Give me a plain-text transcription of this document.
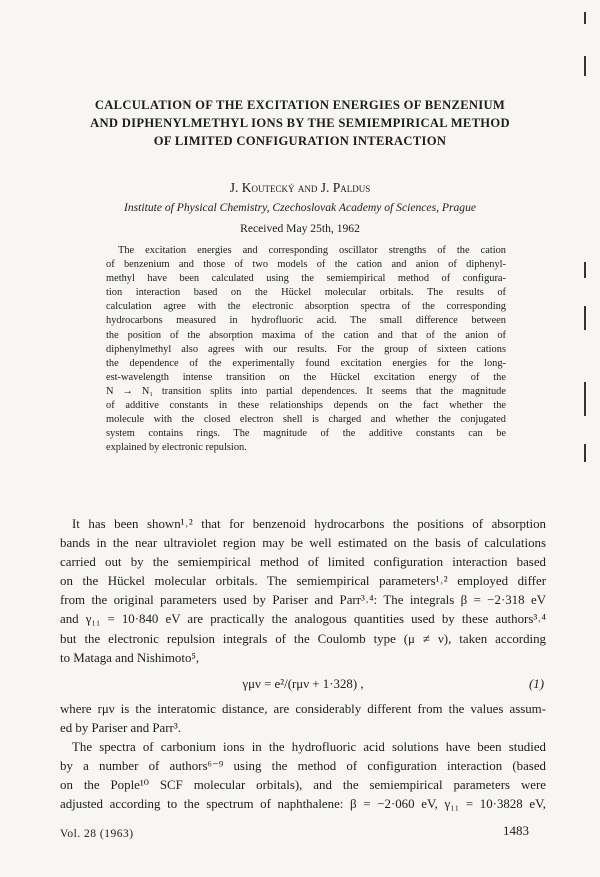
CALCULATION OF THE EXCITATION ENERGIES OF BENZENIUM
AND DIPHENYLMETHYL IONS BY THE SEMIEMPIRICAL METHOD
OF LIMITED CONFIGURATION INTERACTION
J. Koutecký and J. Paldus
Institute of Physical Chemistry, Czechoslovak Academy of Sciences, Prague
Received May 25th, 1962
The excitation energies and corresponding oscillator strengths of the cation
of benzenium and those of two models of the cation and anion of diphenyl-
methyl have been calculated using the semiempirical method of configura-
tion interaction based on the Hückel molecular orbitals. The results of
calculation agree with the electronic absorption spectra of the corresponding
hydrocarbons measured in hydrofluoric acid. The small difference between
the position of the absorption maxima of the cation and that of the anion of
diphenylmethyl also agrees with our results. For the group of sixteen cations
the dependence of the experimentally found excitation energies for the long-
est-wavelength intense transition on the Hückel excitation energy of the
N → N₁ transition splits into partial dependences. It seems that the magnitude
of additive constants in these relationships depends on the fact whether the
molecule with the closed electron shell is charged and whether the conjugated
system contains rings. The magnitude of the additive constants can be
explained by electronic repulsion.
It has been shown¹˒² that for benzenoid hydrocarbons the positions of absorption
bands in the near ultraviolet region may be well estimated on the basis of calculations
carried out by the semiempirical method of limited configuration interaction based
on the Hückel molecular orbitals. The semiempirical parameters¹˒² employed differ
from the original parameters used by Pariser and Parr³˒⁴: The integrals β = −2·318 eV
and γ₁₁ = 10·840 eV are practically the analogous quantities used by these authors³˒⁴
but the electronic repulsion integrals of the Coulomb type (μ ≠ ν), taken according
to Mataga and Nishimoto⁵,
γμν = e²/(rμν + 1·328) ,	(1)
where rμν is the interatomic distance, are considerably different from the values assum-
ed by Pariser and Parr³.
The spectra of carbonium ions in the hydrofluoric acid solutions have been studied
by a number of authors⁶⁻⁹ using the method of configuration interaction (based
on the Pople¹⁰ SCF molecular orbitals), and the semiempirical parameters were
adjusted according to the spectrum of naphthalene: β = −2·060 eV, γ₁₁ = 10·3828 eV,
Vol. 28 (1963)	1483
